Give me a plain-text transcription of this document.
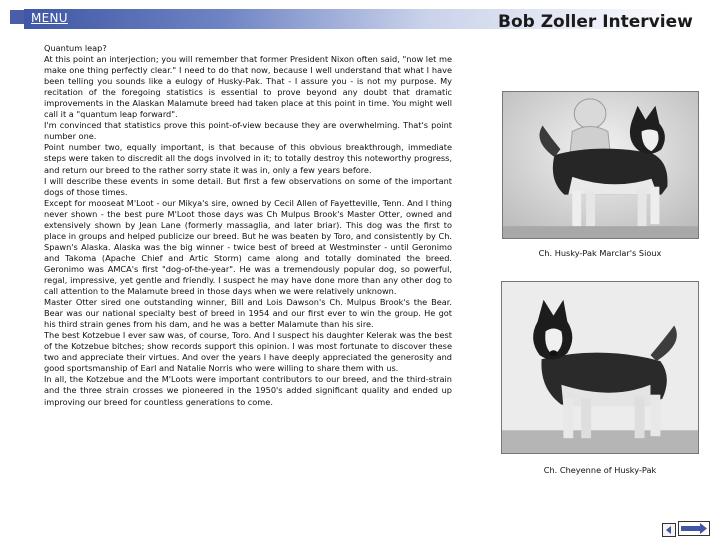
MENU	Bob Zoller Interview

Quantum leap?

At this point an interjection; you will remember that former President Nixon often said, "now let me make one thing perfectly clear." I need to do that now, because I well understand that what I have been telling you sounds like a eulogy of Husky-Pak. That - I assure you - is not my purpose. My recitation of the foregoing statistics is essential to prove beyond any doubt that dramatic improvements in the Alaskan Malamute breed had taken place at this point in time. You might well call it a "quantum leap forward".

I'm convinced that statistics prove this point-of-view because they are overwhelming. That's point number one.

Point number two, equally important, is that because of this obvious breakthrough, immediate steps were taken to discredit all the dogs involved in it; to totally destroy this noteworthy progress, and return our breed to the rather sorry state it was in, only a few years before.

I will describe these events in some detail. But first a few observations on some of the important dogs of those times.

Except for mooseat M'Loot - our Mikya's sire, owned by Cecil Allen of Fayetteville, Tenn. And I thing never shown - the best pure M'Loot those days was Ch Mulpus Brook's Master Otter, owned and extensively shown by Jean Lane (formerly massaglia, and later briar). This dog was the first to place in groups and helped publicize our breed. But he was beaten by Toro, and consistently by Ch. Spawn's Alaska. Alaska was the big winner - twice best of breed at Westminster - until Geronimo and Takoma (Apache Chief and Artic Storm) came along and totally dominated the breed. Geronimo was AMCA's first "dog-of-the-year". He was a tremendously popular dog, so powerful, regal, impressive, yet gentle and friendly. I suspect he may have done more than any other dog to call attention to the Malamute breed in those days when we were relatively unknown.

Master Otter sired one outstanding winner, Bill and Lois Dawson's Ch. Mulpus Brook's the Bear. Bear was our national specialty best of breed in 1954 and our first ever to win the group. He got his third strain genes from his dam, and he was a better Malamute than his sire.

The best Kotzebue I ever saw was, of course, Toro. And I suspect his daughter Kelerak was the best of the Kotzebue bitches; show records support this opinion. I was most fortunate to discover these two and appreciate their virtues. And over the years I have deeply appreciated the generosity and good sportsmanship of Earl and Natalie Norris who were willing to share them with us.

In all, the Kotzebue and the M'Loots were important contributors to our breed, and the third-strain and the three strain crosses we pioneered in the 1950's added significant quality and ended up improving our breed for countless generations to come.

Ch. Husky-Pak Marclar's Sioux
Ch. Cheyenne of Husky-Pak
